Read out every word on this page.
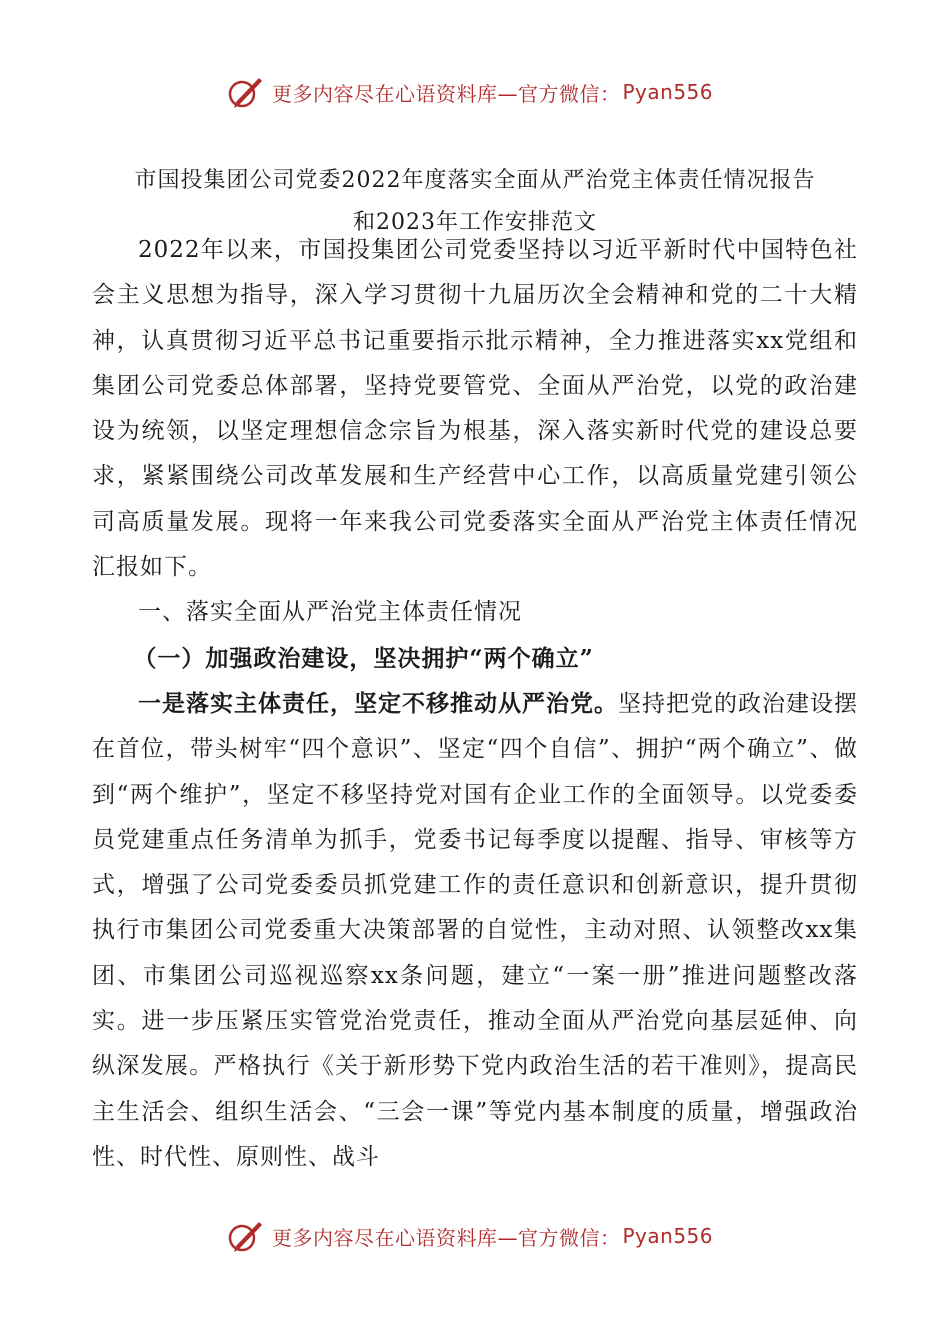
更多内容尽在心语资料库—官方微信： Pyan556

市国投集团公司党委2022年度落实全面从严治党主体责任情况报告

和2023年工作安排范文

2022年以来，市国投集团公司党委坚持以习近平新时代中国特色社会主义思想为指导，深入学习贯彻十九届历次全会精神和党的二十大精神，认真贯彻习近平总书记重要指示批示精神，全力推进落实xx党组和集团公司党委总体部署，坚持党要管党、全面从严治党，以党的政治建设为统领，以坚定理想信念宗旨为根基，深入落实新时代党的建设总要求，紧紧围绕公司改革发展和生产经营中心工作，以高质量党建引领公司高质量发展。现将一年来我公司党委落实全面从严治党主体责任情况汇报如下。

一、落实全面从严治党主体责任情况

（一）加强政治建设，坚决拥护“两个确立”

一是落实主体责任，坚定不移推动从严治党。坚持把党的政治建设摆在首位，带头树牢“四个意识”、坚定“四个自信”、拥护“两个确立”、做到“两个维护”，坚定不移坚持党对国有企业工作的全面领导。以党委委员党建重点任务清单为抓手，党委书记每季度以提醒、指导、审核等方式，增强了公司党委委员抓党建工作的责任意识和创新意识，提升贯彻执行市集团公司党委重大决策部署的自觉性，主动对照、认领整改xx集团、市集团公司巡视巡察xx条问题，建立“一案一册”推进问题整改落实。进一步压紧压实管党治党责任，推动全面从严治党向基层延伸、向纵深发展。严格执行《关于新形势下党内政治生活的若干准则》，提高民主生活会、组织生活会、“三会一课”等党内基本制度的质量，增强政治性、时代性、原则性、战斗

更多内容尽在心语资料库—官方微信： Pyan556
